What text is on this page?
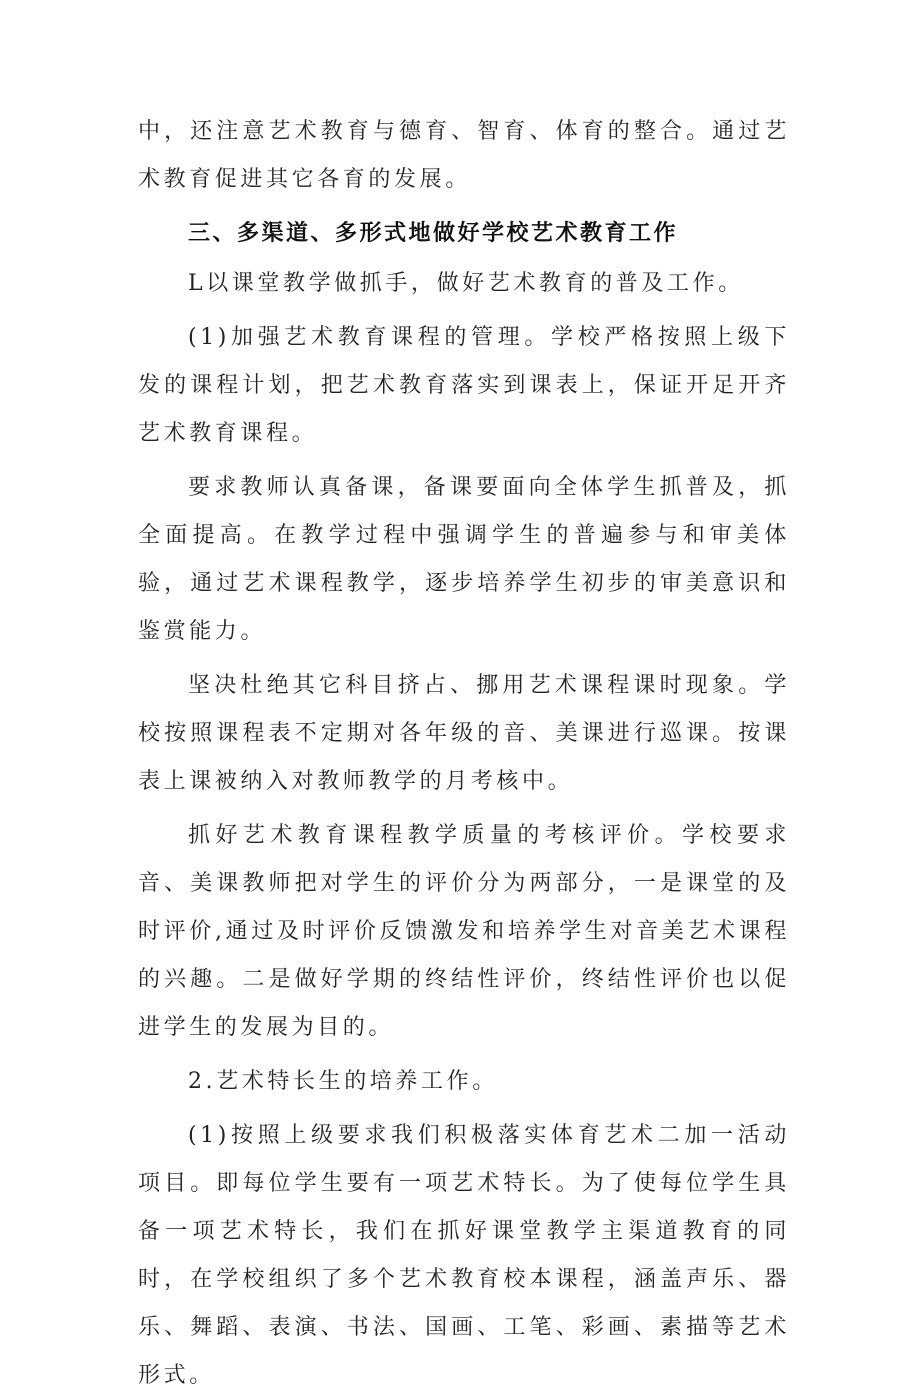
中，还注意艺术教育与德育、智育、体育的整合。通过艺术教育促进其它各育的发展。

三、多渠道、多形式地做好学校艺术教育工作

L以课堂教学做抓手，做好艺术教育的普及工作。

(1)加强艺术教育课程的管理。学校严格按照上级下发的课程计划，把艺术教育落实到课表上，保证开足开齐艺术教育课程。

要求教师认真备课，备课要面向全体学生抓普及，抓全面提高。在教学过程中强调学生的普遍参与和审美体验，通过艺术课程教学，逐步培养学生初步的审美意识和鉴赏能力。

坚决杜绝其它科目挤占、挪用艺术课程课时现象。学校按照课程表不定期对各年级的音、美课进行巡课。按课表上课被纳入对教师教学的月考核中。

抓好艺术教育课程教学质量的考核评价。学校要求音、美课教师把对学生的评价分为两部分，一是课堂的及时评价,通过及时评价反馈激发和培养学生对音美艺术课程的兴趣。二是做好学期的终结性评价，终结性评价也以促进学生的发展为目的。

2.艺术特长生的培养工作。

(1)按照上级要求我们积极落实体育艺术二加一活动项目。即每位学生要有一项艺术特长。为了使每位学生具备一项艺术特长，我们在抓好课堂教学主渠道教育的同时，在学校组织了多个艺术教育校本课程，涵盖声乐、器乐、舞蹈、表演、书法、国画、工笔、彩画、素描等艺术形式。
